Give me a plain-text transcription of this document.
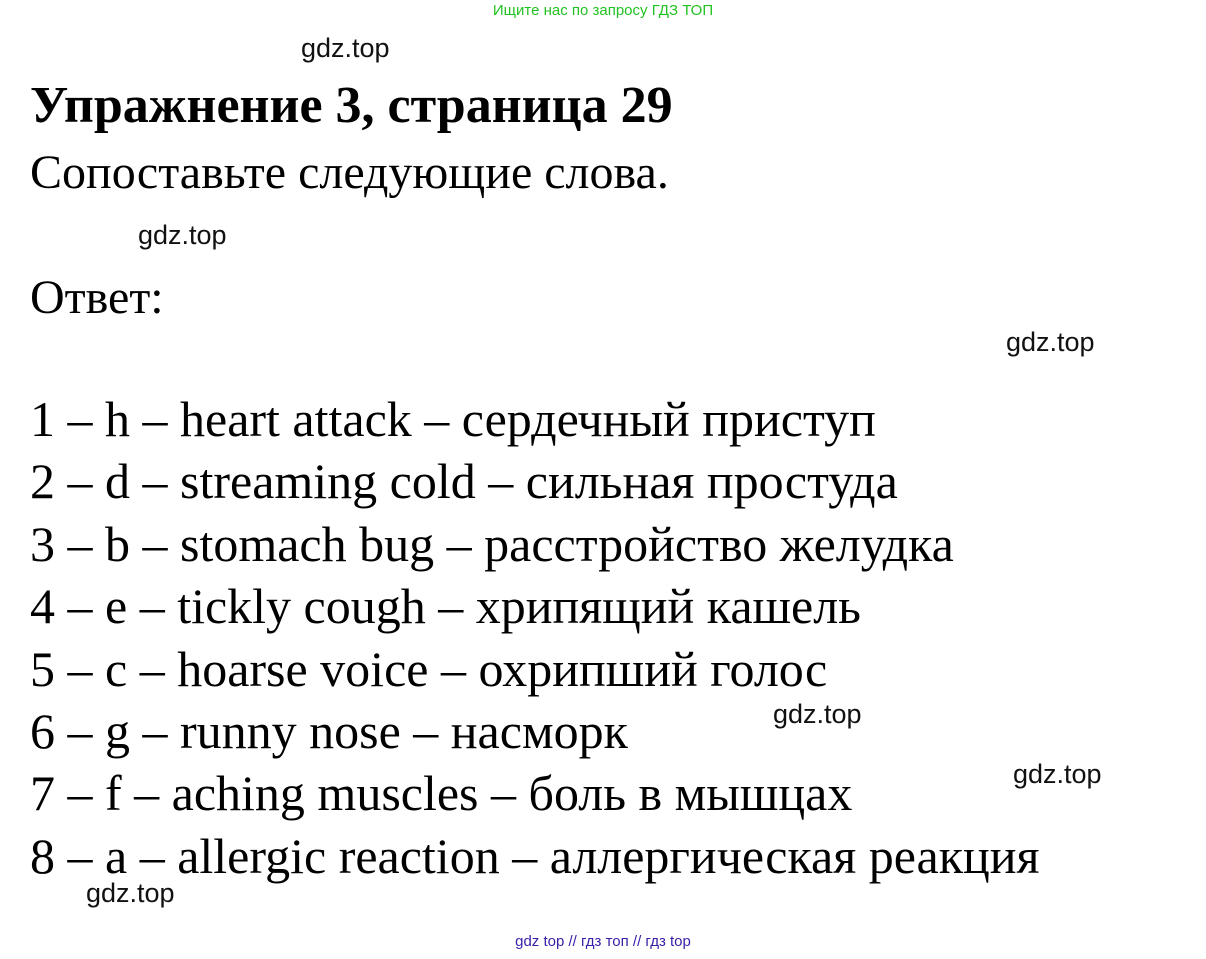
Ищите нас по запросу ГДЗ ТОП
gdz.top
Упражнение 3, страница 29
Сопоставьте следующие слова.
gdz.top
Ответ:
gdz.top
1 – h – heart attack – сердечный приступ
2 – d – streaming cold – сильная простуда
3 – b – stomach bug – расстройство желудка
4 – e – tickly cough – хрипящий кашель
5 – c – hoarse voice – охрипший голос
6 – g – runny nose – насморк
7 – f – aching muscles – боль в мышцах
8 – a – allergic reaction – аллергическая реакция
gdz.top
gdz.top
gdz.top
gdz top // гдз топ // гдз top
